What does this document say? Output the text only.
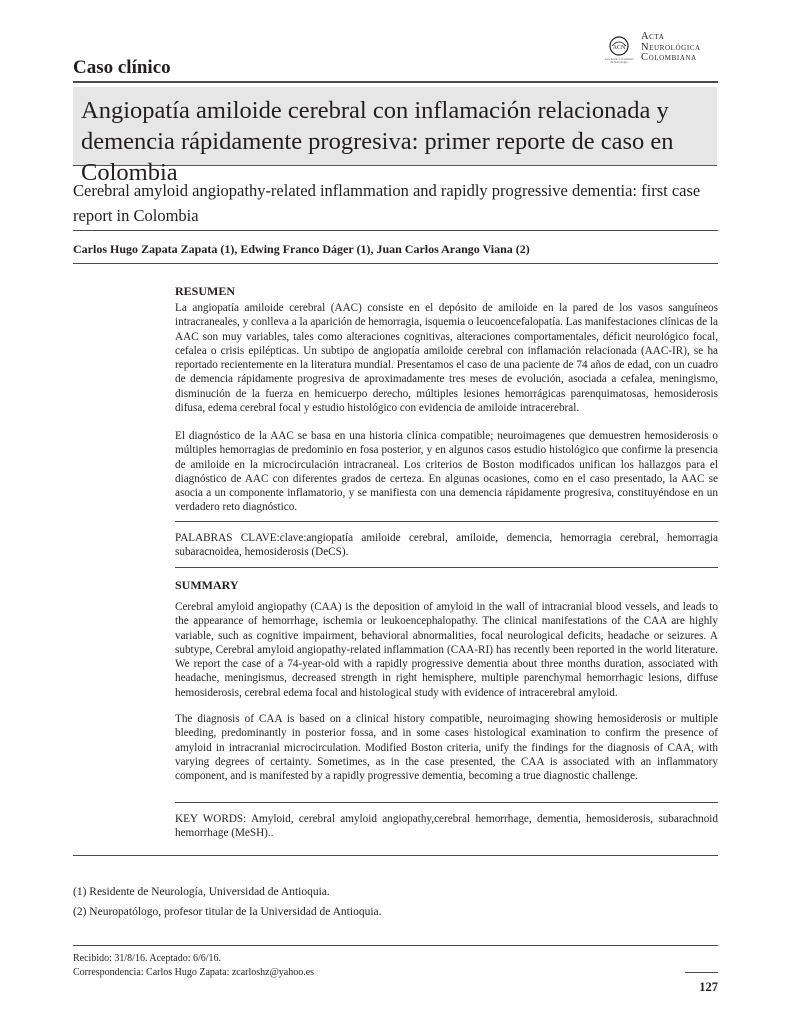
Caso clínico
ACN
Asociación Colombiana de Neurología
Acta
Neurológica
Colombiana
Angiopatía amiloide cerebral con inflamación relacionada y demencia rápidamente progresiva: primer reporte de caso en Colombia

Cerebral amyloid angiopathy-related inflammation and rapidly progressive dementia: first case report in Colombia

Carlos Hugo Zapata Zapata (1), Edwing Franco Dáger (1), Juan Carlos Arango Viana (2)

RESUMEN

La angiopatía amiloide cerebral (AAC) consiste en el depósito de amiloide en la pared de los vasos sanguíneos intracraneales, y conlleva a la aparición de hemorragia, isquemia o leucoencefalopatía. Las manifestaciones clínicas de la AAC son muy variables, tales como alteraciones cognitivas, alteraciones comportamentales, déficit neurológico focal, cefalea o crisis epilépticas. Un subtipo de angiopatía amiloide cerebral con inflamación relacionada (AAC-IR), se ha reportado recientemente en la literatura mundial. Presentamos el caso de una paciente de 74 años de edad, con un cuadro de demencia rápidamente progresiva de aproximadamente tres meses de evolución, asociada a cefalea, meningismo, disminución de la fuerza en hemicuerpo derecho, múltiples lesiones hemorrágicas parenquimatosas, hemosiderosis difusa, edema cerebral focal y estudio histológico con evidencia de amiloide intracerebral.

El diagnóstico de la AAC se basa en una historia clínica compatible; neuroimagenes que demuestren hemosiderosis o múltiples hemorragias de predominio en fosa posterior, y en algunos casos estudio histológico que confirme la presencia de amiloide en la microcirculación intracraneal. Los criterios de Boston modificados unifican los hallazgos para el diagnóstico de AAC con diferentes grados de certeza. En algunas ocasiones, como en el caso presentado, la AAC se asocia a un componente inflamatorio, y se manifiesta con una demencia rápidamente progresiva, constituyéndose en un verdadero reto diagnóstico.

PALABRAS CLAVE:clave:angiopatía amiloide cerebral, amiloide, demencia, hemorragia cerebral, hemorragia subaracnoidea, hemosiderosis (DeCS).

SUMMARY

Cerebral amyloid angiopathy (CAA) is the deposition of amyloid in the wall of intracranial blood vessels, and leads to the appearance of hemorrhage, ischemia or leukoencephalopathy. The clinical manifestations of the CAA are highly variable, such as cognitive impairment, behavioral abnormalities, focal neurological deficits, headache or seizures. A subtype, Cerebral amyloid angiopathy-related inflammation (CAA-RI) has recently been reported in the world literature. We report the case of a 74-year-old with a rapidly progressive dementia about three months duration, associated with headache, meningismus, decreased strength in right hemisphere, multiple parenchymal hemorrhagic lesions, diffuse hemosiderosis, cerebral edema focal and histological study with evidence of intracerebral amyloid.

The diagnosis of CAA is based on a clinical history compatible, neuroimaging showing hemosiderosis or multiple bleeding, predominantly in posterior fossa, and in some cases histological examination to confirm the presence of amyloid in intracranial microcirculation. Modified Boston criteria, unify the findings for the diagnosis of CAA, with varying degrees of certainty. Sometimes, as in the case presented, the CAA is associated with an inflammatory component, and is manifested by a rapidly progressive dementia, becoming a true diagnostic challenge.

KEY WORDS: Amyloid, cerebral amyloid angiopathy,cerebral hemorrhage, dementia, hemosiderosis, subarachnoid hemorrhage (MeSH)..

(1) Residente de Neurología, Universidad de Antioquia.
(2) Neuropatólogo, profesor titular de la Universidad de Antioquia.
Recibido: 31/8/16. Aceptado: 6/6/16.
Correspondencia: Carlos Hugo Zapata: zcarloshz@yahoo.es
127
